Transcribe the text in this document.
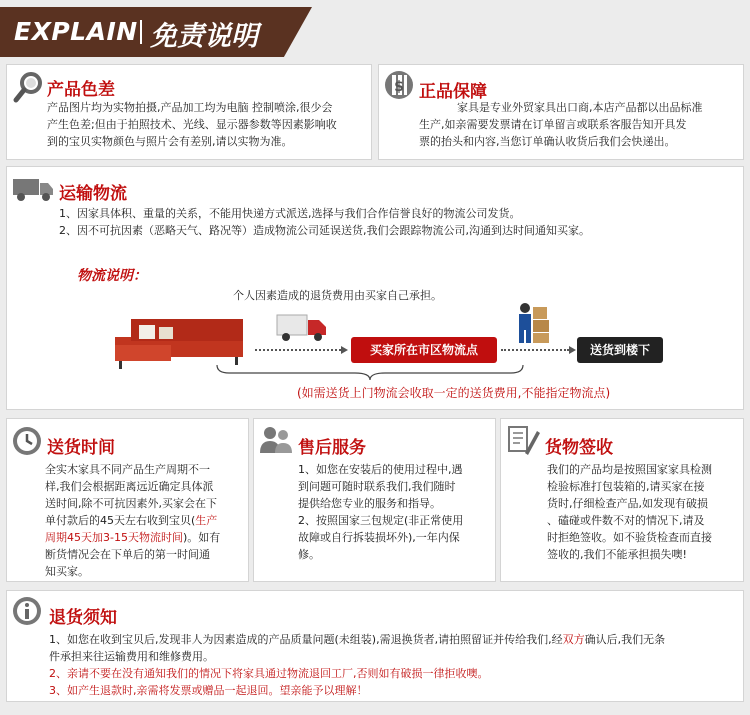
EXPLAIN 免责说明
产品色差
产品图片均为实物拍摄,产品加工均为电脑 控制喷涂,很少会
产生色差;但由于拍照技术、光线、显示器参数等因素影响收
到的宝贝实物颜色与照片会有差别,请以实物为准。
$ 正品保障
家具是专业外贸家具出口商,本店产品都以出品标准
生产,如亲需要发票请在订单留言或联系客服告知开具发
票的抬头和内容,当您订单确认收货后我们会快递出。
运输物流
1、因家具体积、重量的关系，不能用快递方式派送,选择与我们合作信誉良好的物流公司发货。
2、因不可抗因素（恶略天气、路况等）造成物流公司延误送货,我们会跟踪物流公司,沟通到达时间通知买家。
物流说明：
个人因素造成的退货费用由买家自己承担。
买家所在市区物流点	送货到楼下
(如需送货上门物流会收取一定的送货费用,不能指定物流点)
送货时间
全实木家具不同产品生产周期不一
样,我们会根据距离远近确定具体派
送时间,除不可抗因素外,买家会在下
单付款后的45天左右收到宝贝(生产
周期45天加3-15天物流时间)。如有
断货情况会在下单后的第一时间通
知买家。
售后服务
1、如您在安装后的使用过程中,遇
到问题可随时联系我们,我们随时
提供给您专业的服务和指导。
2、按照国家三包规定(非正常使用
故障或自行拆装损坏外),一年内保
修。
货物签收
我们的产品均是按照国家家具检测
检验标准打包装箱的,请买家在接
货时,仔细检查产品,如发现有破损
、磕碰或件数不对的情况下,请及
时拒绝签收。如不验货检查而直接
签收的,我们不能承担损失噢!
退货须知
1、如您在收到宝贝后,发现非人为因素造成的产品质量问题(未组装),需退换货者,请拍照留证并传给我们,经双方确认后,我们无条
件承担来往运输费用和维修费用。
2、亲请不要在没有通知我们的情况下将家具通过物流退回工厂,否则如有破损一律拒收噢。
3、如产生退款时,亲需将发票或赠品一起退回。望亲能予以理解！
